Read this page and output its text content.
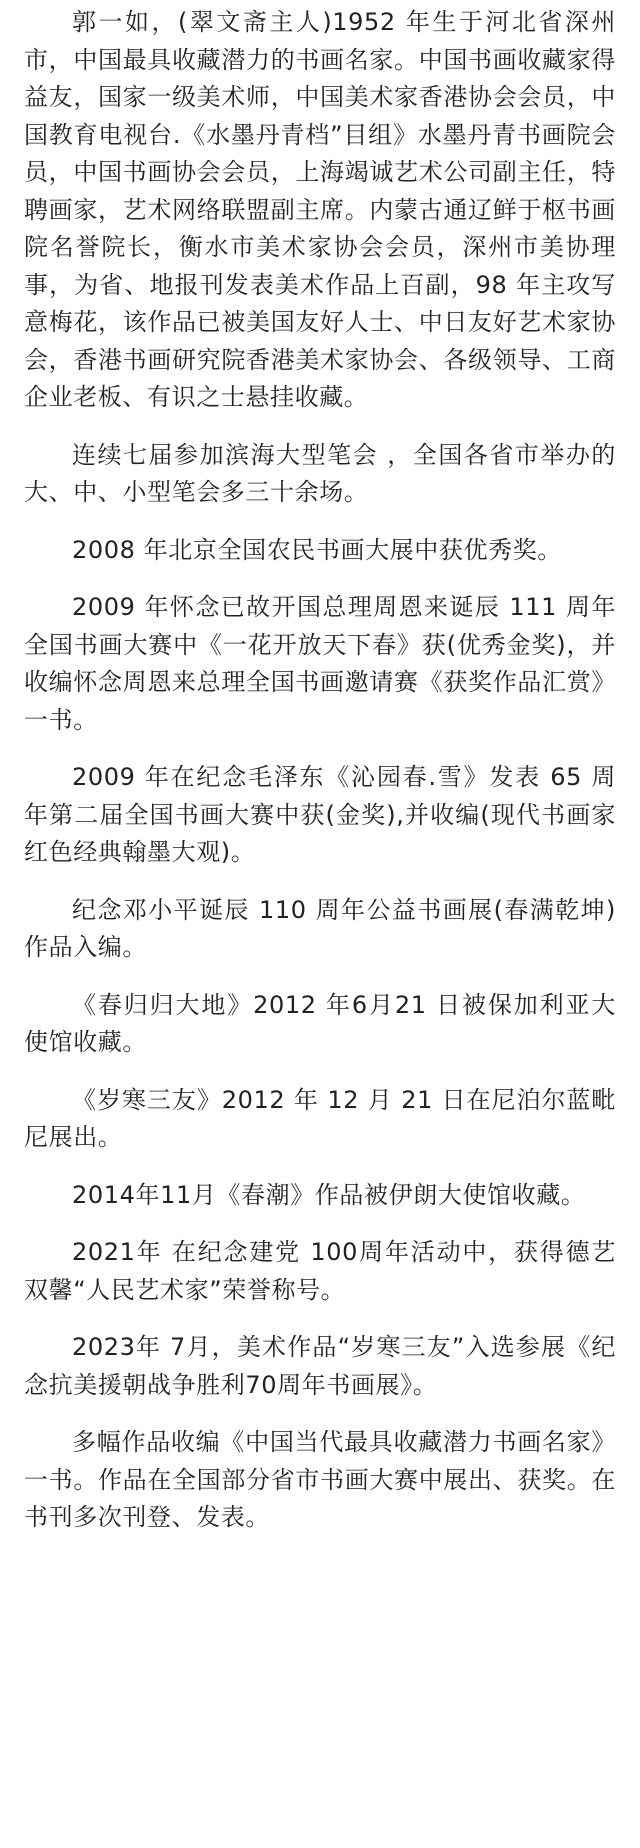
郭一如，(翠文斋主人)1952 年生于河北省深州市，中国最具收藏潜力的书画名家。中国书画收藏家得益友，国家一级美术师，中国美术家香港协会会员，中国教育电视台.《水墨丹青档”目组》水墨丹青书画院会员，中国书画协会会员，上海竭诚艺术公司副主任，特聘画家，艺术网络联盟副主席。内蒙古通辽鲜于枢书画院名誉院长，衡水市美术家协会会员，深州市美协理事，为省、地报刊发表美术作品上百副，98 年主攻写意梅花，该作品已被美国友好人士、中日友好艺术家协会，香港书画研究院香港美术家协会、各级领导、工商企业老板、有识之士悬挂收藏。

连续七届参加滨海大型笔会 ，全国各省市举办的大、中、小型笔会多三十余场。

2008 年北京全国农民书画大展中获优秀奖。

2009 年怀念已故开国总理周恩来诞辰 111 周年全国书画大赛中《一花开放天下春》获(优秀金奖)，并收编怀念周恩来总理全国书画邀请赛《获奖作品汇赏》一书。

2009 年在纪念毛泽东《沁园春.雪》发表 65 周年第二届全国书画大赛中获(金奖),并收编(现代书画家红色经典翰墨大观)。

纪念邓小平诞辰 110 周年公益书画展(春满乾坤)作品入编。

《春归归大地》2012 年6月21 日被保加利亚大使馆收藏。

《岁寒三友》2012 年 12 月 21 日在尼泊尔蓝毗尼展出。

2014年11月《春潮》作品被伊朗大使馆收藏。

2021年 在纪念建党 100周年活动中，获得德艺双馨“人民艺术家”荣誉称号。

2023年 7月，美术作品“岁寒三友”入选参展《纪念抗美援朝战争胜利70周年书画展》。

多幅作品收编《中国当代最具收藏潜力书画名家》一书。作品在全国部分省市书画大赛中展出、获奖。在书刊多次刊登、发表。
